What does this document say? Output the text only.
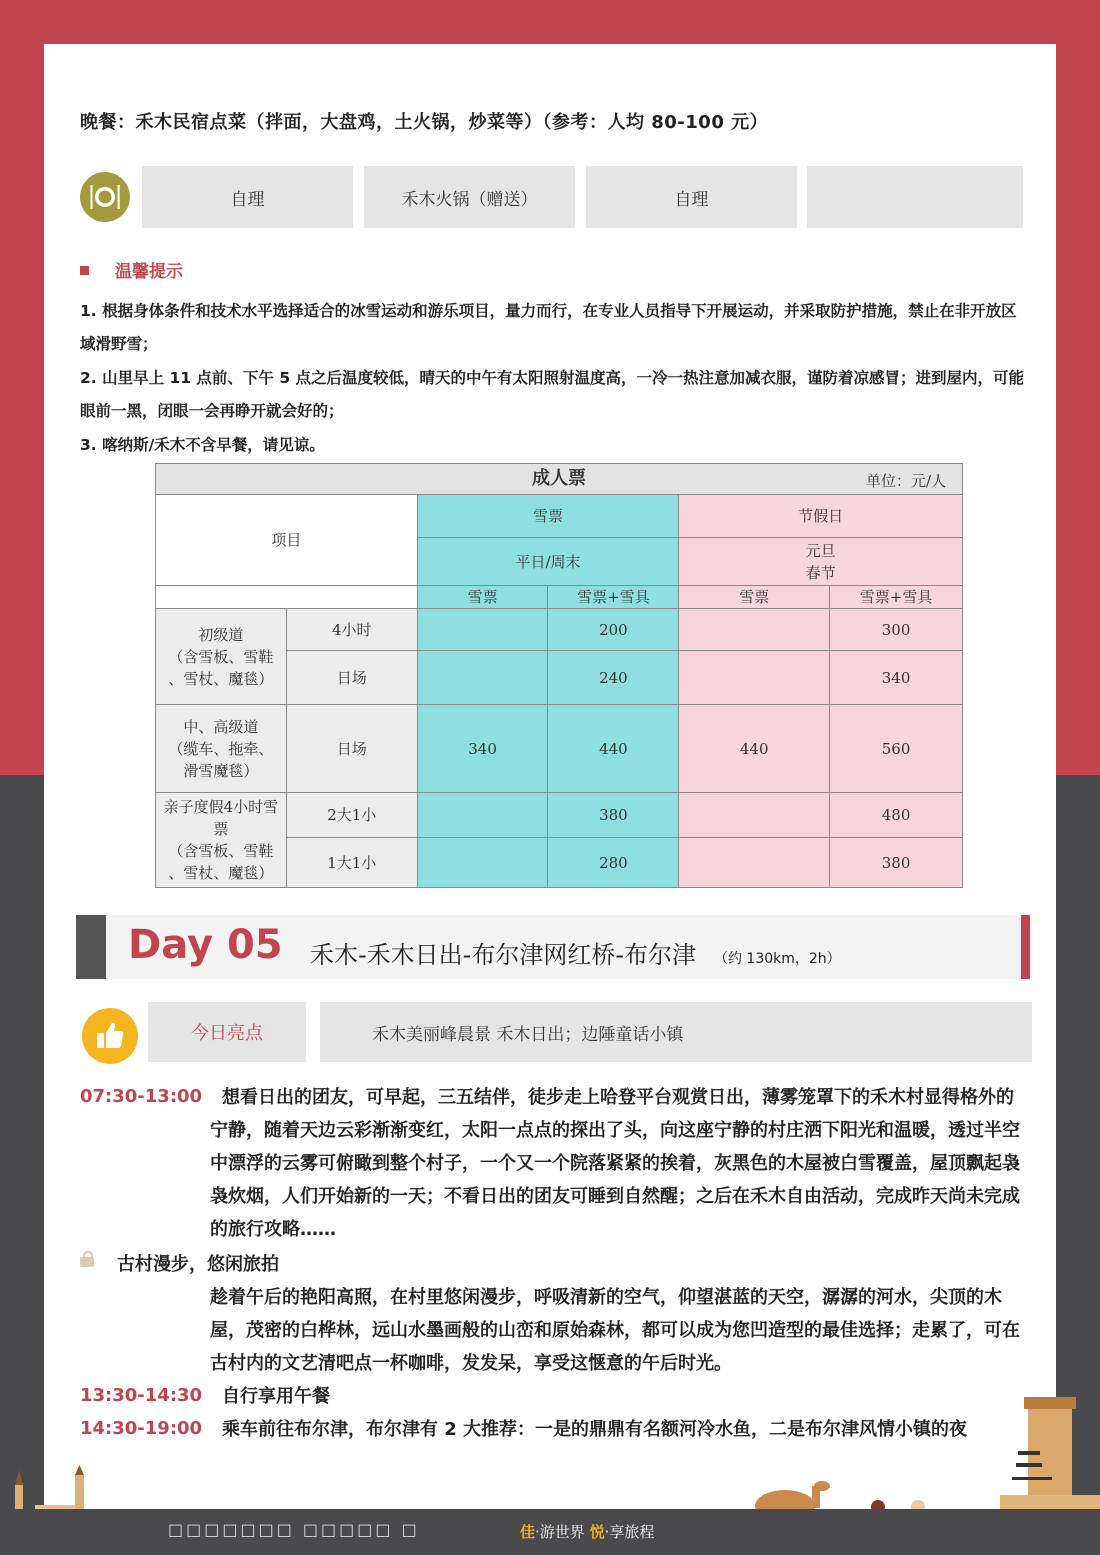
晚餐：禾木民宿点菜（拌面，大盘鸡，土火锅，炒菜等）（参考：人均 80-100 元）
自理	禾木火锅（赠送）	自理
温馨提示
1. 根据身体条件和技术水平选择适合的冰雪运动和游乐项目，量力而行，在专业人员指导下开展运动，并采取防护措施，禁止在非开放区域滑野雪；
2. 山里早上 11 点前、下午 5 点之后温度较低，晴天的中午有太阳照射温度高，一冷一热注意加减衣服，谨防着凉感冒；进到屋内，可能眼前一黑，闭眼一会再睁开就会好的；
3. 喀纳斯/禾木不含早餐，请见谅。
成人票 单位：元/人					

项目		雪票		节假日	
		平日/周末		元旦
春节	
		雪票	雪票+雪具	雪票	雪票+雪具
初级道
（含雪板、雪鞋
、雪杖、魔毯）	4小时		200		300
	日场		240		340
中、高级道
（缆车、拖牵、
滑雪魔毯）	日场	340	440	440	560
亲子度假4小时雪
票
（含雪板、雪鞋
、雪杖、魔毯）	2大1小		380		480
	1大1小		280		380
Day 05 禾木-禾木日出-布尔津网红桥-布尔津 （约 130km，2h）
今日亮点	禾木美丽峰晨景 禾木日出；边陲童话小镇
07:30-13:00	想看日出的团友，可早起，三五结伴，徒步走上哈登平台观赏日出，薄雾笼罩下的禾木村显得格外的宁静，随着天边云彩渐渐变红，太阳一点点的探出了头，向这座宁静的村庄洒下阳光和温暖，透过半空中漂浮的云雾可俯瞰到整个村子，一个又一个院落紧紧的挨着，灰黑色的木屋被白雪覆盖，屋顶飘起袅袅炊烟，人们开始新的一天；不看日出的团友可睡到自然醒；之后在禾木自由活动，完成昨天尚未完成的旅行攻略……
古村漫步，悠闲旅拍
趁着午后的艳阳高照，在村里悠闲漫步，呼吸清新的空气，仰望湛蓝的天空，潺潺的河水，尖顶的木屋，茂密的白桦林，远山水墨画般的山峦和原始森林，都可以成为您凹造型的最佳选择；走累了，可在古村内的文艺清吧点一杯咖啡，发发呆，享受这惬意的午后时光。
13:30-14:30 自行享用午餐
14:30-19:00 乘车前往布尔津，布尔津有 2 大推荐：一是的鼎鼎有名额河冷水鱼，二是布尔津风情小镇的夜
□□□□□□□ □□□□□ □	佳·游世界 悦·享旅程
